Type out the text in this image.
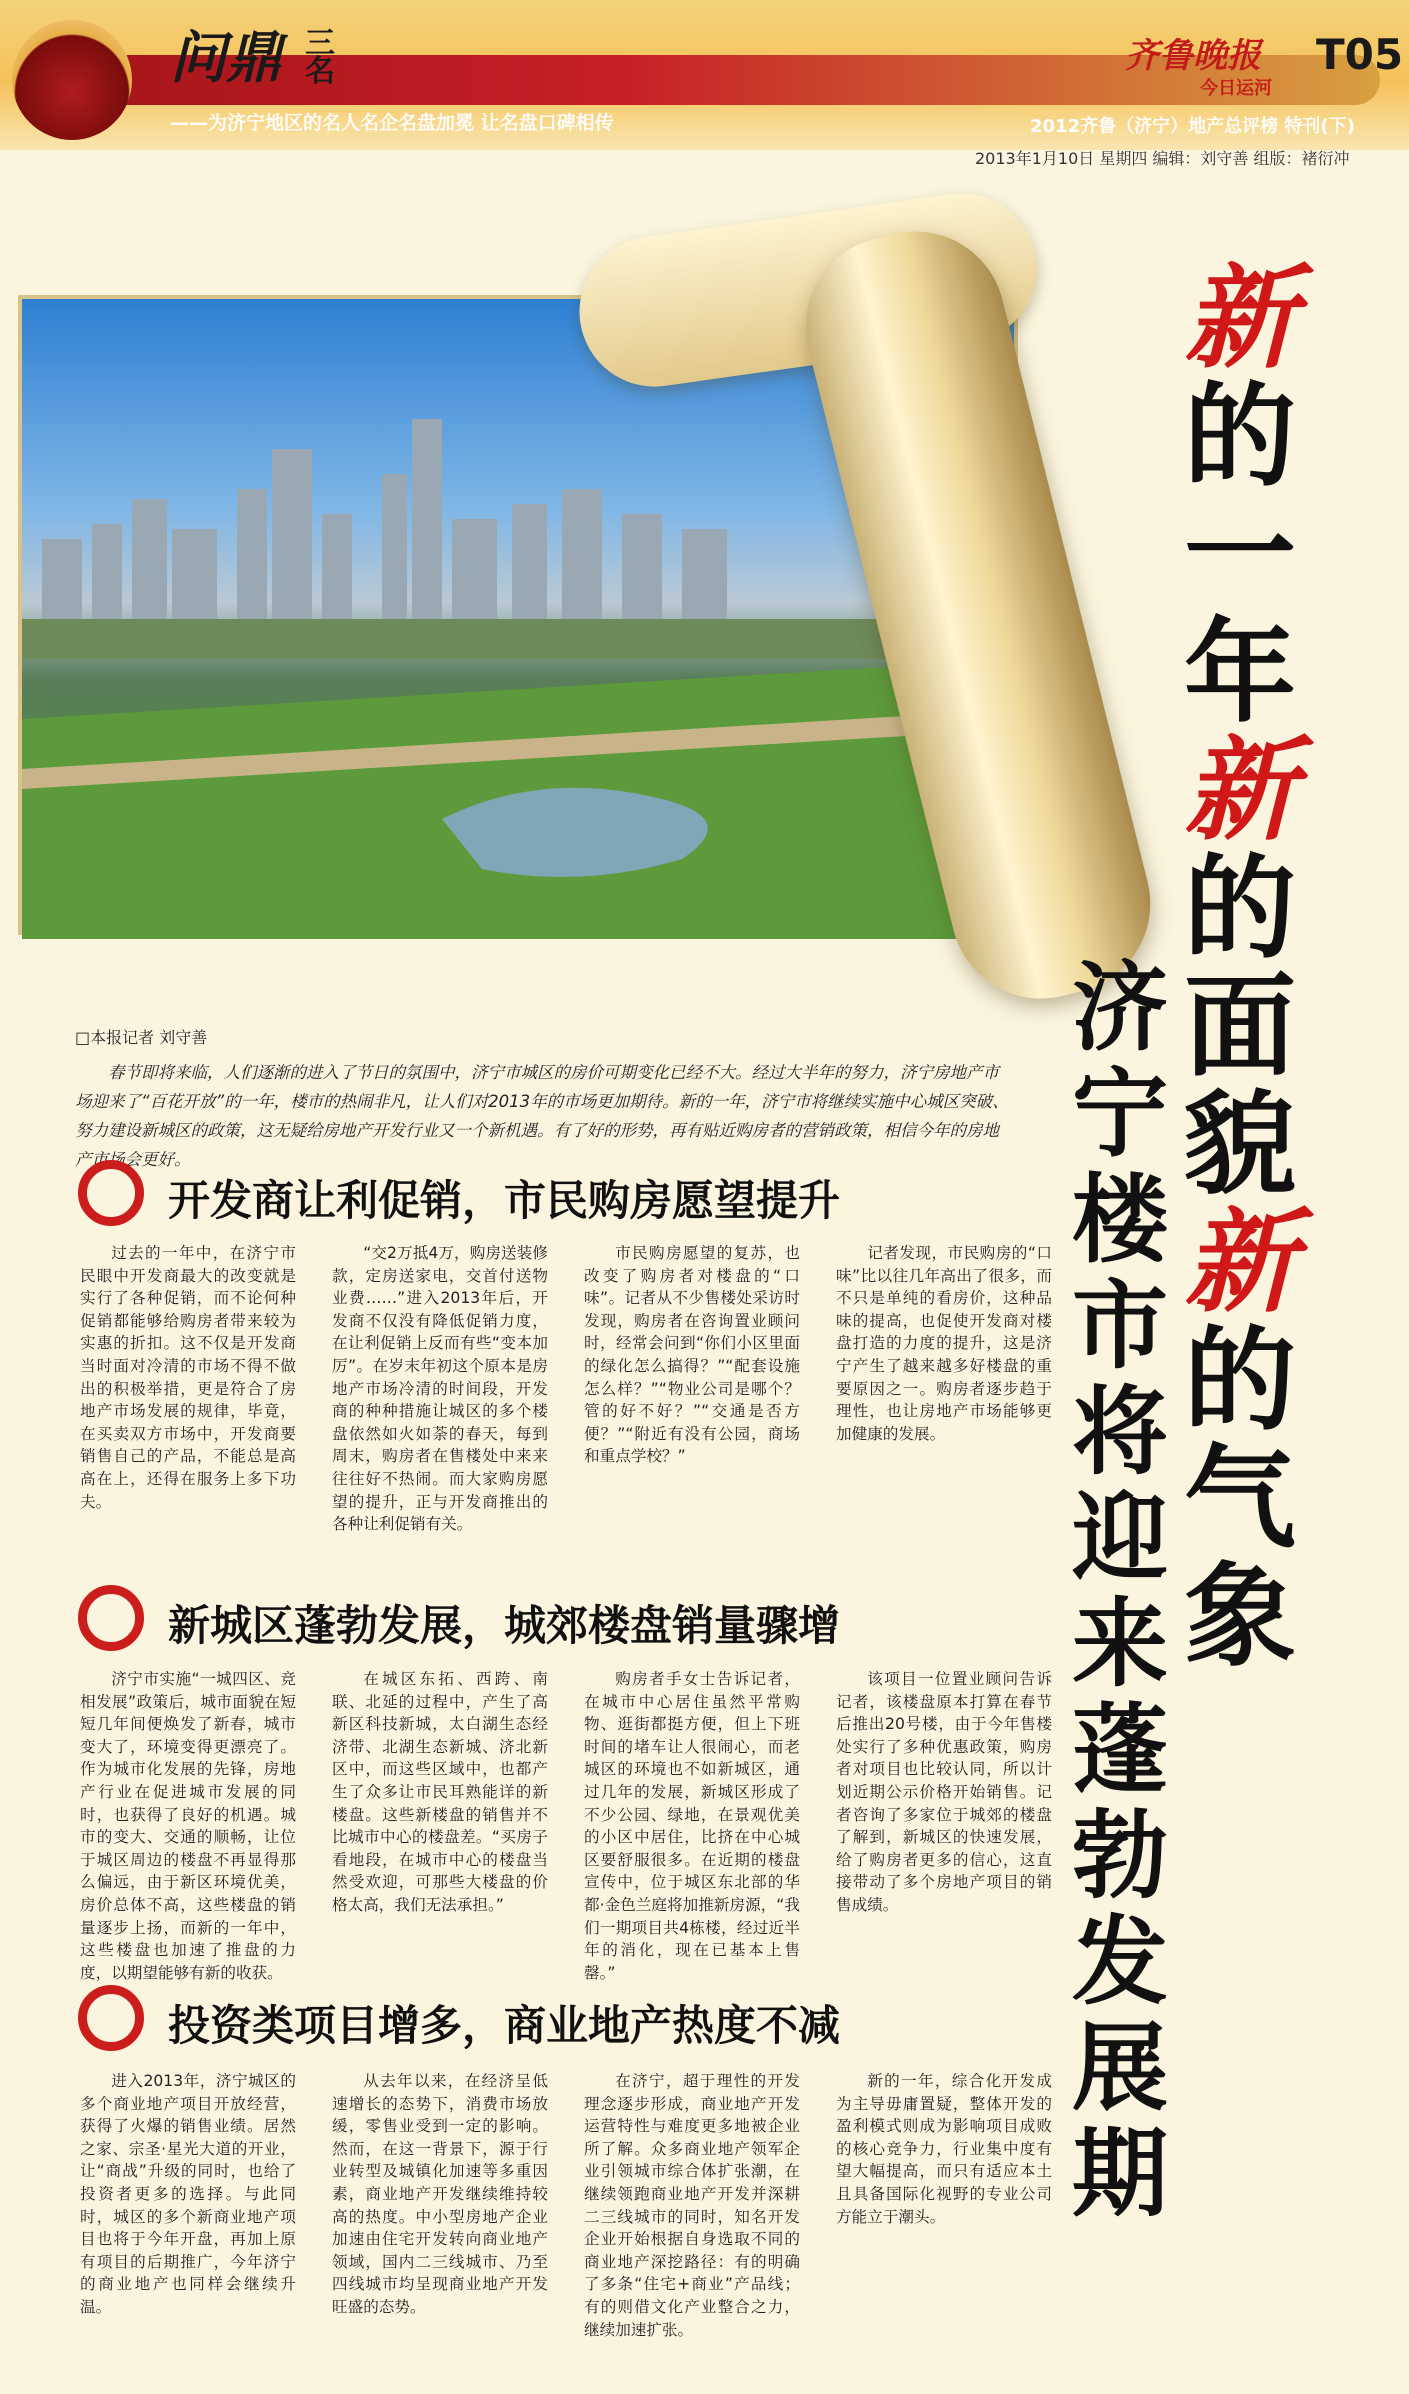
问鼎 三名
——为济宁地区的名人名企名盘加冕 让名盘口碑相传
齐鲁晚报 T05
今日运河
2012齐鲁（济宁）地产总评榜 特刊(下)
2013年1月10日 星期四 编辑：刘守善 组版：褚衍冲
新
的
一
年
新
的
面
貌
新
的
气
象
济
宁
楼
市
将
迎
来
蓬
勃
发
展
期
□本报记者 刘守善
春节即将来临，人们逐渐的进入了节日的氛围中，济宁市城区的房价可期变化已经不大。经过大半年的努力，济宁房地产市场迎来了“百花开放”的一年，楼市的热闹非凡，让人们对2013年的市场更加期待。新的一年，济宁市将继续实施中心城区突破、努力建设新城区的政策，这无疑给房地产开发行业又一个新机遇。有了好的形势，再有贴近购房者的营销政策，相信今年的房地产市场会更好。
开发商让利促销，市民购房愿望提升
过去的一年中，在济宁市民眼中开发商最大的改变就是实行了各种促销，而不论何种促销都能够给购房者带来较为实惠的折扣。这不仅是开发商当时面对冷清的市场不得不做出的积极举措，更是符合了房地产市场发展的规律，毕竟，在买卖双方市场中，开发商要销售自己的产品，不能总是高高在上，还得在服务上多下功夫。
“交2万抵4万，购房送装修款，定房送家电，交首付送物业费……”进入2013年后，开发商不仅没有降低促销力度，在让利促销上反而有些“变本加厉”。在岁末年初这个原本是房地产市场冷清的时间段，开发商的种种措施让城区的多个楼盘依然如火如荼的春天，每到周末，购房者在售楼处中来来往往好不热闹。而大家购房愿望的提升，正与开发商推出的各种让利促销有关。
市民购房愿望的复苏，也改变了购房者对楼盘的“口味”。记者从不少售楼处采访时发现，购房者在咨询置业顾问时，经常会问到“你们小区里面的绿化怎么搞得？”“配套设施怎么样？”“物业公司是哪个？管的好不好？”“交通是否方便？”“附近有没有公园，商场和重点学校？”
记者发现，市民购房的“口味”比以往几年高出了很多，而不只是单纯的看房价，这种品味的提高，也促使开发商对楼盘打造的力度的提升，这是济宁产生了越来越多好楼盘的重要原因之一。购房者逐步趋于理性，也让房地产市场能够更加健康的发展。
新城区蓬勃发展，城郊楼盘销量骤增
济宁市实施“一城四区、竞相发展”政策后，城市面貌在短短几年间便焕发了新春，城市变大了，环境变得更漂亮了。作为城市化发展的先锋，房地产行业在促进城市发展的同时，也获得了良好的机遇。城市的变大、交通的顺畅，让位于城区周边的楼盘不再显得那么偏远，由于新区环境优美，房价总体不高，这些楼盘的销量逐步上扬，而新的一年中，这些楼盘也加速了推盘的力度，以期望能够有新的收获。
在城区东拓、西跨、南联、北延的过程中，产生了高新区科技新城，太白湖生态经济带、北湖生态新城、济北新区中，而这些区域中，也都产生了众多让市民耳熟能详的新楼盘。这些新楼盘的销售并不比城市中心的楼盘差。“买房子看地段，在城市中心的楼盘当然受欢迎，可那些大楼盘的价格太高，我们无法承担。”
购房者手女士告诉记者，在城市中心居住虽然平常购物、逛街都挺方便，但上下班时间的堵车让人很闹心，而老城区的环境也不如新城区，通过几年的发展，新城区形成了不少公园、绿地，在景观优美的小区中居住，比挤在中心城区要舒服很多。在近期的楼盘宣传中，位于城区东北部的华都·金色兰庭将加推新房源，“我们一期项目共4栋楼，经过近半年的消化，现在已基本上售罄。”
该项目一位置业顾问告诉记者，该楼盘原本打算在春节后推出20号楼，由于今年售楼处实行了多种优惠政策，购房者对项目也比较认同，所以计划近期公示价格开始销售。记者咨询了多家位于城郊的楼盘了解到，新城区的快速发展，给了购房者更多的信心，这直接带动了多个房地产项目的销售成绩。
投资类项目增多，商业地产热度不减
进入2013年，济宁城区的多个商业地产项目开放经营，获得了火爆的销售业绩。居然之家、宗圣·星光大道的开业，让“商战”升级的同时，也给了投资者更多的选择。与此同时，城区的多个新商业地产项目也将于今年开盘，再加上原有项目的后期推广，今年济宁的商业地产也同样会继续升温。
从去年以来，在经济呈低速增长的态势下，消费市场放缓，零售业受到一定的影响。然而，在这一背景下，源于行业转型及城镇化加速等多重因素，商业地产开发继续维持较高的热度。中小型房地产企业加速由住宅开发转向商业地产领域，国内二三线城市、乃至四线城市均呈现商业地产开发旺盛的态势。
在济宁，超于理性的开发理念逐步形成，商业地产开发运营特性与难度更多地被企业所了解。众多商业地产领军企业引领城市综合体扩张潮，在继续领跑商业地产开发并深耕二三线城市的同时，知名开发企业开始根据自身选取不同的商业地产深挖路径：有的明确了多条“住宅+商业”产品线；有的则借文化产业整合之力，继续加速扩张。
新的一年，综合化开发成为主导毋庸置疑，整体开发的盈利模式则成为影响项目成败的核心竞争力，行业集中度有望大幅提高，而只有适应本土且具备国际化视野的专业公司方能立于潮头。
